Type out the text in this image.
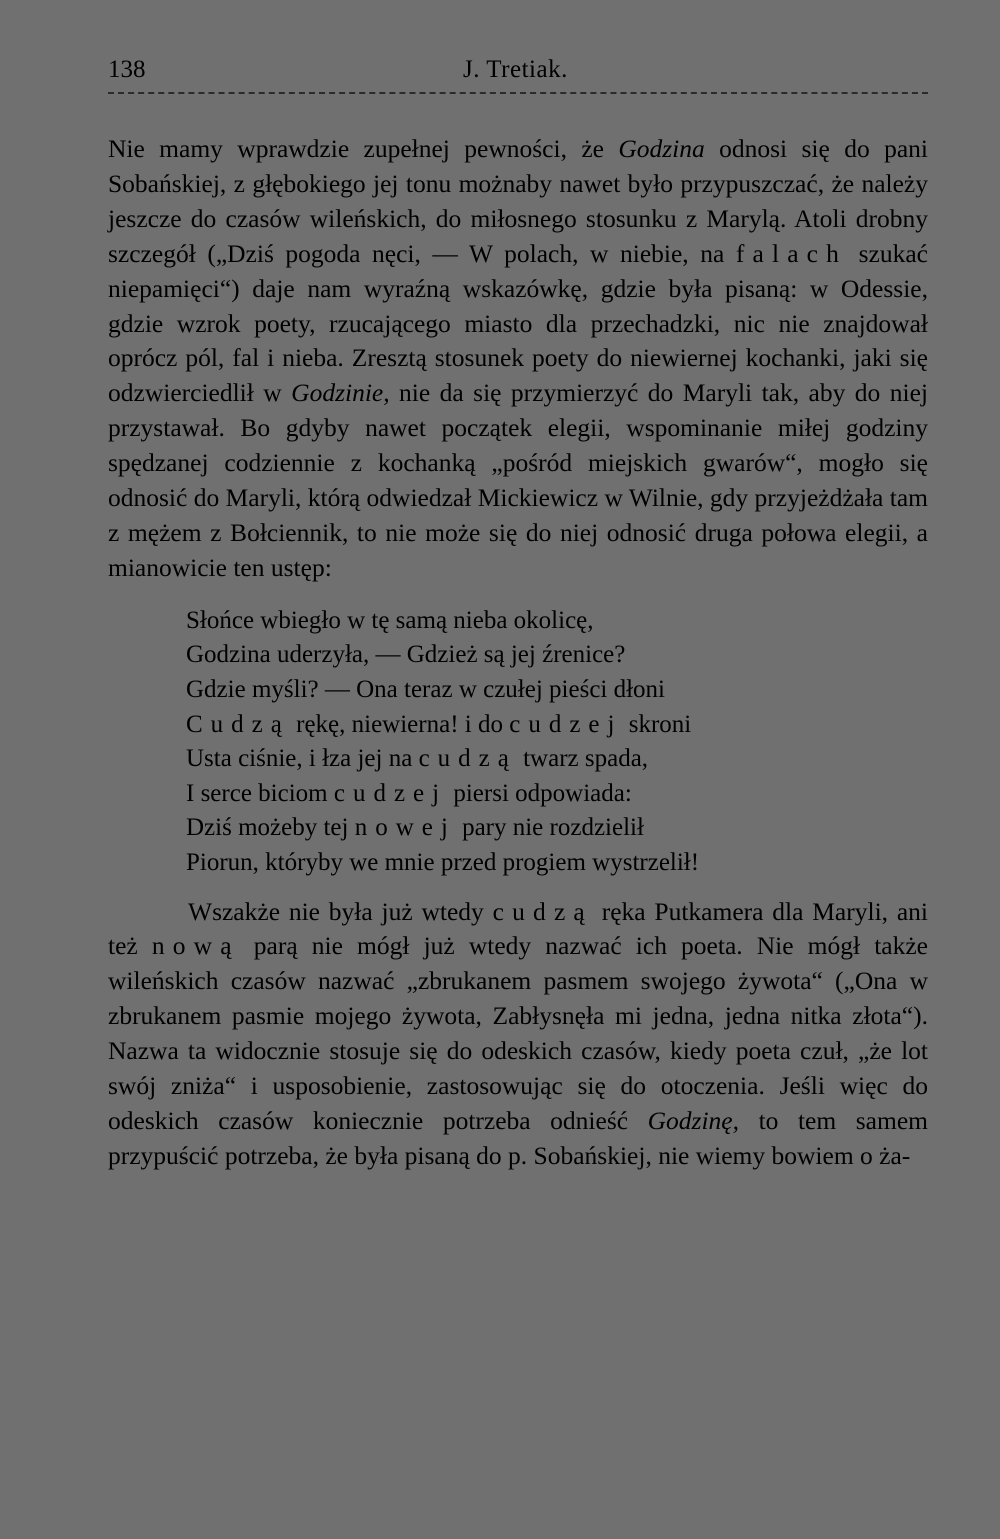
138	J. Tretiak.

Nie mamy wprawdzie zupełnej pewności, że Godzina odnosi się do pani Sobańskiej, z głębokiego jej tonu możnaby nawet było przypuszczać, że należy jeszcze do czasów wileńskich, do miłosnego stosunku z Marylą. Atoli drobny szczegół („Dziś pogoda nęci, — W polach, w niebie, na falach szukać niepamięci“) daje nam wyraźną wskazówkę, gdzie była pisaną: w Odessie, gdzie wzrok poety, rzucającego miasto dla przechadzki, nic nie znajdował oprócz pól, fal i nieba. Zresztą stosunek poety do niewiernej kochanki, jaki się odzwierciedlił w Godzinie, nie da się przymierzyć do Maryli tak, aby do niej przystawał. Bo gdyby nawet początek elegii, wspominanie miłej godziny spędzanej codziennie z kochanką „pośród miejskich gwarów“, mogło się odnosić do Maryli, którą odwiedzał Mickiewicz w Wilnie, gdy przyjeżdżała tam z mężem z Bołciennik, to nie może się do niej odnosić druga połowa elegii, a mianowicie ten ustęp:

Słońce wbiegło w tę samą nieba okolicę,
Godzina uderzyła, — Gdzież są jej źrenice?
Gdzie myśli? — Ona teraz w czułej pieści dłoni
Cudzą rękę, niewierna! i do cudzej skroni
Usta ciśnie, i łza jej na cudzą twarz spada,
I serce biciom cudzej piersi odpowiada:
Dziś możeby tej nowej pary nie rozdzielił
Piorun, któryby we mnie przed progiem wystrzelił!

Wszakże nie była już wtedy cudzą ręka Putkamera dla Maryli, ani też nową parą nie mógł już wtedy nazwać ich poeta. Nie mógł także wileńskich czasów nazwać „zbrukanem pasmem swojego żywota“ („Ona w zbrukanem pasmie mojego żywota, Zabłysnęła mi jedna, jedna nitka złota“). Nazwa ta widocznie stosuje się do odeskich czasów, kiedy poeta czuł, „że lot swój zniża“ i usposobienie, zastosowując się do otoczenia. Jeśli więc do odeskich czasów koniecznie potrzeba odnieść Godzinę, to tem samem przypuścić potrzeba, że była pisaną do p. Sobańskiej, nie wiemy bowiem o ża-
